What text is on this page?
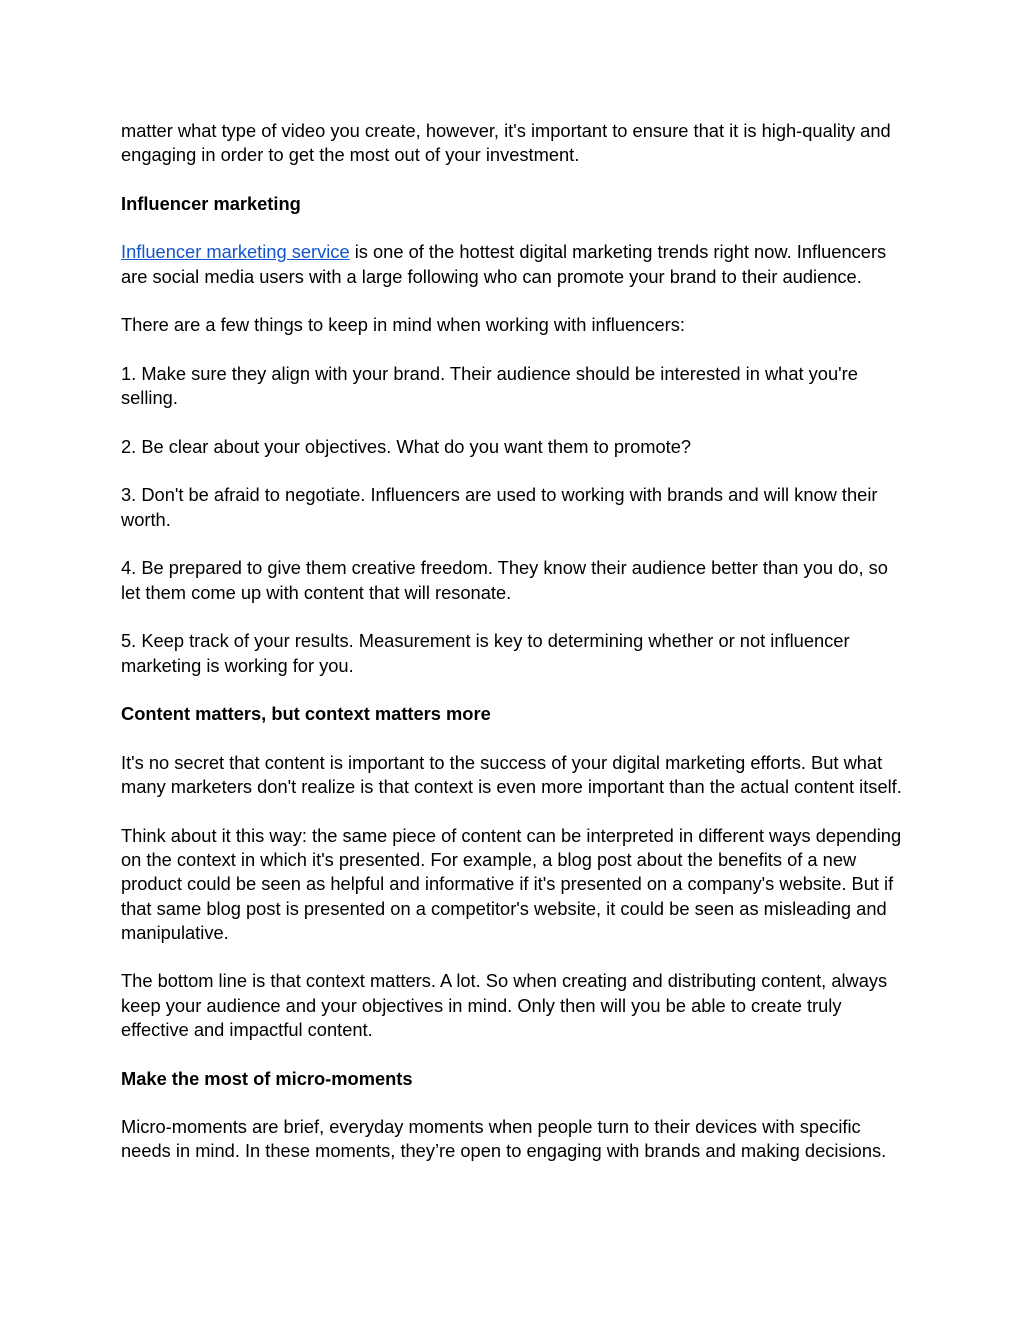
matter what type of video you create, however, it's important to ensure that it is high-quality and engaging in order to get the most out of your investment.

Influencer marketing

Influencer marketing service is one of the hottest digital marketing trends right now. Influencers are social media users with a large following who can promote your brand to their audience.

There are a few things to keep in mind when working with influencers:

1. Make sure they align with your brand. Their audience should be interested in what you're selling.

2. Be clear about your objectives. What do you want them to promote?

3. Don't be afraid to negotiate. Influencers are used to working with brands and will know their worth.

4. Be prepared to give them creative freedom. They know their audience better than you do, so let them come up with content that will resonate.

5. Keep track of your results. Measurement is key to determining whether or not influencer marketing is working for you.

Content matters, but context matters more

It's no secret that content is important to the success of your digital marketing efforts. But what many marketers don't realize is that context is even more important than the actual content itself.

Think about it this way: the same piece of content can be interpreted in different ways depending on the context in which it's presented. For example, a blog post about the benefits of a new product could be seen as helpful and informative if it's presented on a company's website. But if that same blog post is presented on a competitor's website, it could be seen as misleading and manipulative.

The bottom line is that context matters. A lot. So when creating and distributing content, always keep your audience and your objectives in mind. Only then will you be able to create truly effective and impactful content.

Make the most of micro-moments

Micro-moments are brief, everyday moments when people turn to their devices with specific needs in mind. In these moments, they’re open to engaging with brands and making decisions.
